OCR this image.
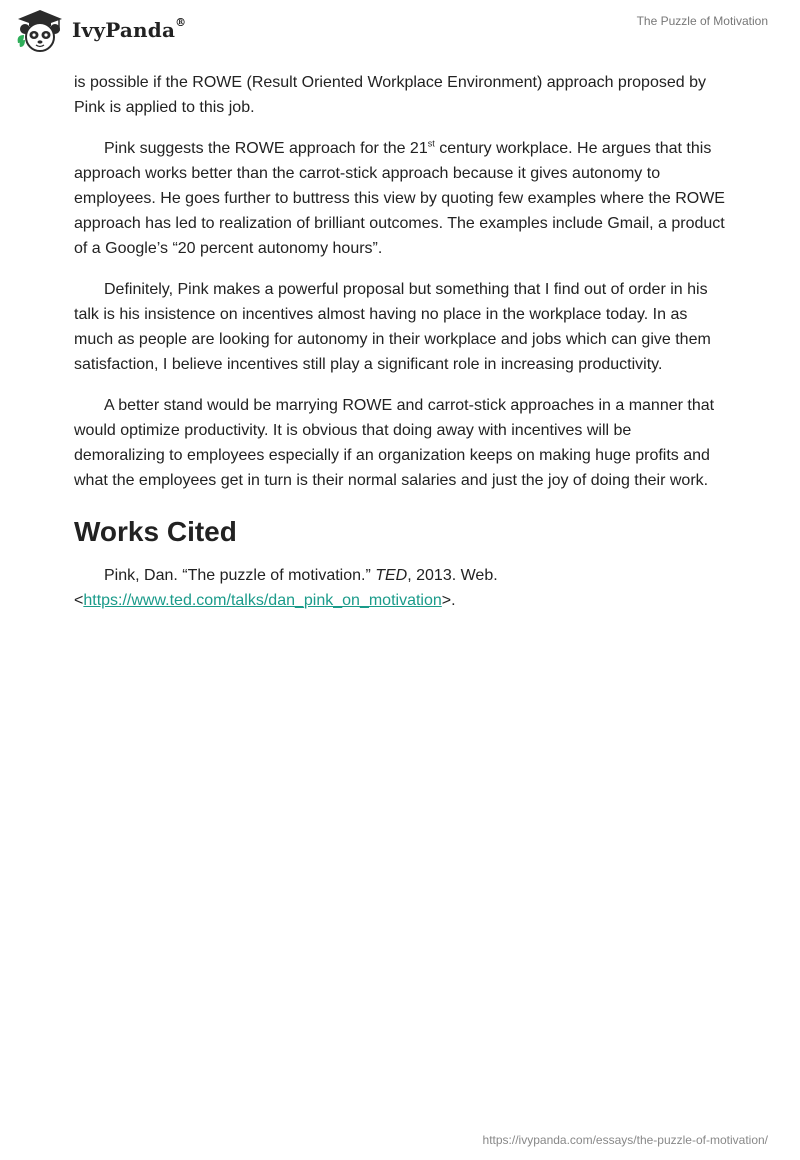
IvyPanda®	The Puzzle of Motivation

is possible if the ROWE (Result Oriented Workplace Environment) approach proposed by Pink is applied to this job.

Pink suggests the ROWE approach for the 21st century workplace. He argues that this approach works better than the carrot-stick approach because it gives autonomy to employees. He goes further to buttress this view by quoting few examples where the ROWE approach has led to realization of brilliant outcomes. The examples include Gmail, a product of a Google’s “20 percent autonomy hours”.

Definitely, Pink makes a powerful proposal but something that I find out of order in his talk is his insistence on incentives almost having no place in the workplace today. In as much as people are looking for autonomy in their workplace and jobs which can give them satisfaction, I believe incentives still play a significant role in increasing productivity.

A better stand would be marrying ROWE and carrot-stick approaches in a manner that would optimize productivity. It is obvious that doing away with incentives will be demoralizing to employees especially if an organization keeps on making huge profits and what the employees get in turn is their normal salaries and just the joy of doing their work.

Works Cited

Pink, Dan. “The puzzle of motivation.” TED, 2013. Web. <https://www.ted.com/talks/dan_pink_on_motivation>.

https://ivypanda.com/essays/the-puzzle-of-motivation/
